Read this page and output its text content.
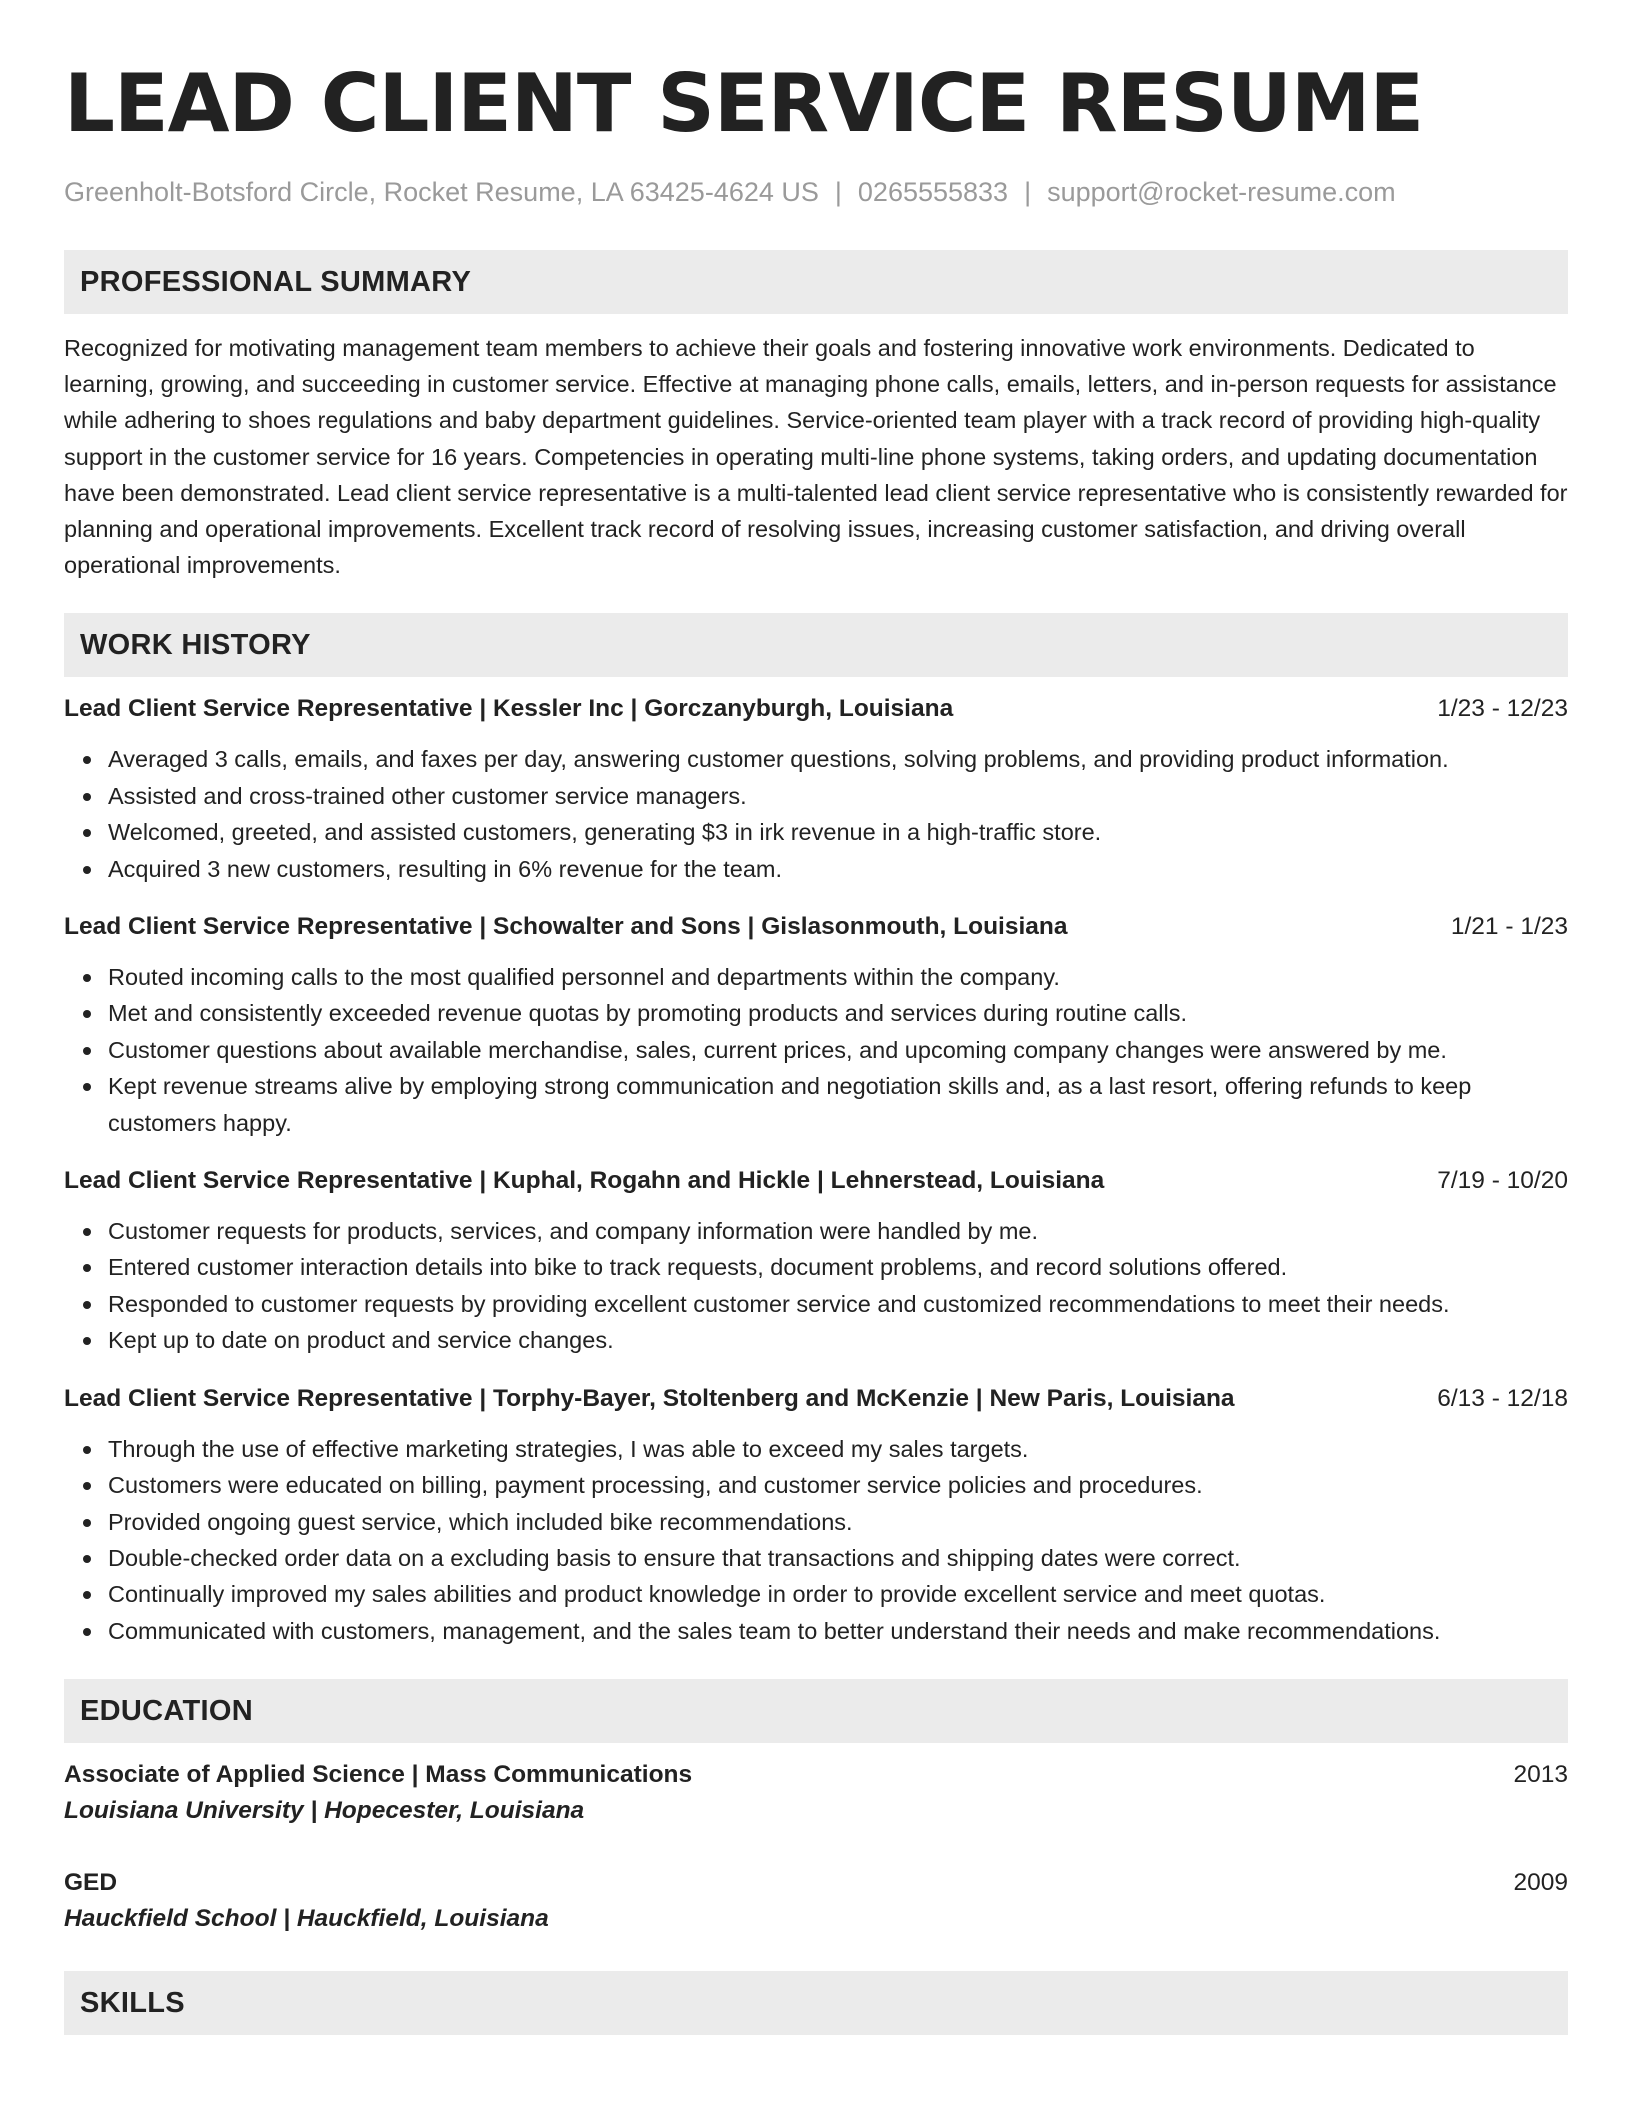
LEAD CLIENT SERVICE RESUME
Greenholt-Botsford Circle, Rocket Resume, LA 63425-4624 US | 0265555833 | support@rocket-resume.com
PROFESSIONAL SUMMARY
Recognized for motivating management team members to achieve their goals and fostering innovative work environments. Dedicated to learning, growing, and succeeding in customer service. Effective at managing phone calls, emails, letters, and in-person requests for assistance while adhering to shoes regulations and baby department guidelines. Service-oriented team player with a track record of providing high-quality support in the customer service for 16 years. Competencies in operating multi-line phone systems, taking orders, and updating documentation have been demonstrated. Lead client service representative is a multi-talented lead client service representative who is consistently rewarded for planning and operational improvements. Excellent track record of resolving issues, increasing customer satisfaction, and driving overall operational improvements.
WORK HISTORY
Lead Client Service Representative | Kessler Inc | Gorczanyburgh, Louisiana	1/23 - 12/23
Averaged 3 calls, emails, and faxes per day, answering customer questions, solving problems, and providing product information.
Assisted and cross-trained other customer service managers.
Welcomed, greeted, and assisted customers, generating $3 in irk revenue in a high-traffic store.
Acquired 3 new customers, resulting in 6% revenue for the team.
Lead Client Service Representative | Schowalter and Sons | Gislasonmouth, Louisiana	1/21 - 1/23
Routed incoming calls to the most qualified personnel and departments within the company.
Met and consistently exceeded revenue quotas by promoting products and services during routine calls.
Customer questions about available merchandise, sales, current prices, and upcoming company changes were answered by me.
Kept revenue streams alive by employing strong communication and negotiation skills and, as a last resort, offering refunds to keep customers happy.
Lead Client Service Representative | Kuphal, Rogahn and Hickle | Lehnerstead, Louisiana	7/19 - 10/20
Customer requests for products, services, and company information were handled by me.
Entered customer interaction details into bike to track requests, document problems, and record solutions offered.
Responded to customer requests by providing excellent customer service and customized recommendations to meet their needs.
Kept up to date on product and service changes.
Lead Client Service Representative | Torphy-Bayer, Stoltenberg and McKenzie | New Paris, Louisiana	6/13 - 12/18
Through the use of effective marketing strategies, I was able to exceed my sales targets.
Customers were educated on billing, payment processing, and customer service policies and procedures.
Provided ongoing guest service, which included bike recommendations.
Double-checked order data on a excluding basis to ensure that transactions and shipping dates were correct.
Continually improved my sales abilities and product knowledge in order to provide excellent service and meet quotas.
Communicated with customers, management, and the sales team to better understand their needs and make recommendations.
EDUCATION
Associate of Applied Science | Mass Communications	2013
Louisiana University | Hopecester, Louisiana
GED	2009
Hauckfield School | Hauckfield, Louisiana
SKILLS
